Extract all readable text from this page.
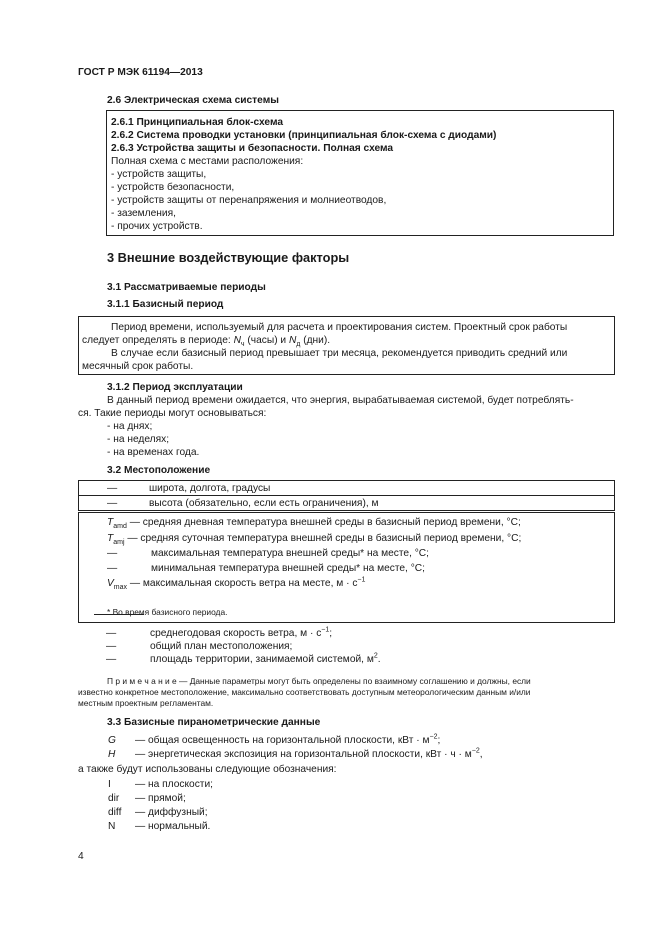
ГОСТ Р МЭК 61194—2013
2.6 Электрическая схема системы
2.6.1 Принципиальная блок-схема
2.6.2 Система проводки установки (принципиальная блок-схема с диодами)
2.6.3 Устройства защиты и безопасности. Полная схема
Полная схема с местами расположения:
- устройств защиты,
- устройств безопасности,
- устройств защиты от перенапряжения и молниеотводов,
- заземления,
- прочих устройств.
3 Внешние воздействующие факторы
3.1 Рассматриваемые периоды
3.1.1 Базисный период
Период времени, используемый для расчета и проектирования систем. Проектный срок работы
следует определять в периоде: $N_ч$ (часы) и $N_д$ (дни).
В случае если базисный период превышает три месяца, рекомендуется приводить средний или
месячный срок работы.
3.1.2 Период эксплуатации
В данный период времени ожидается, что энергия, вырабатываемая системой, будет потреблять-
ся. Такие периоды могут основываться:
- на днях;
- на неделях;
- на временах года.
3.2 Местоположение
—	широта, долгота, градусы
—	высота (обязательно, если есть ограничения), м
$T_{amd}$ — средняя дневная температура внешней среды в базисный период времени, °С;
$T_{amj}$ — средняя суточная температура внешней среды в базисный период времени, °С;
—	максимальная температура внешней среды* на месте, °С;
—	минимальная температура внешней среды* на месте, °С;
$V_{max}$ — максимальная скорость ветра на месте, $м \cdot с^{-1}$
* Во время базисного периода.
—	среднегодовая скорость ветра, $м \cdot с^{-1}$;
—	общий план местоположения;
—	площадь территории, занимаемой системой, $м^2$.
П р и м е ч а н и е — Данные параметры могут быть определены по взаимному соглашению и должны, если
известно конкретное местоположение, максимально соответствовать доступным метеорологическим данным и/или
местным проектным регламентам.
3.3 Базисные пиранометрические данные
G — общая освещенность на горизонтальной плоскости, кВт · $м^{-2}$;
H — энергетическая экспозиция на горизонтальной плоскости, кВт · $ч \cdot м^{-2}$,
а также будут использованы следующие обозначения:
I — на плоскости;
dir — прямой;
diff — диффузный;
N — нормальный.
4
